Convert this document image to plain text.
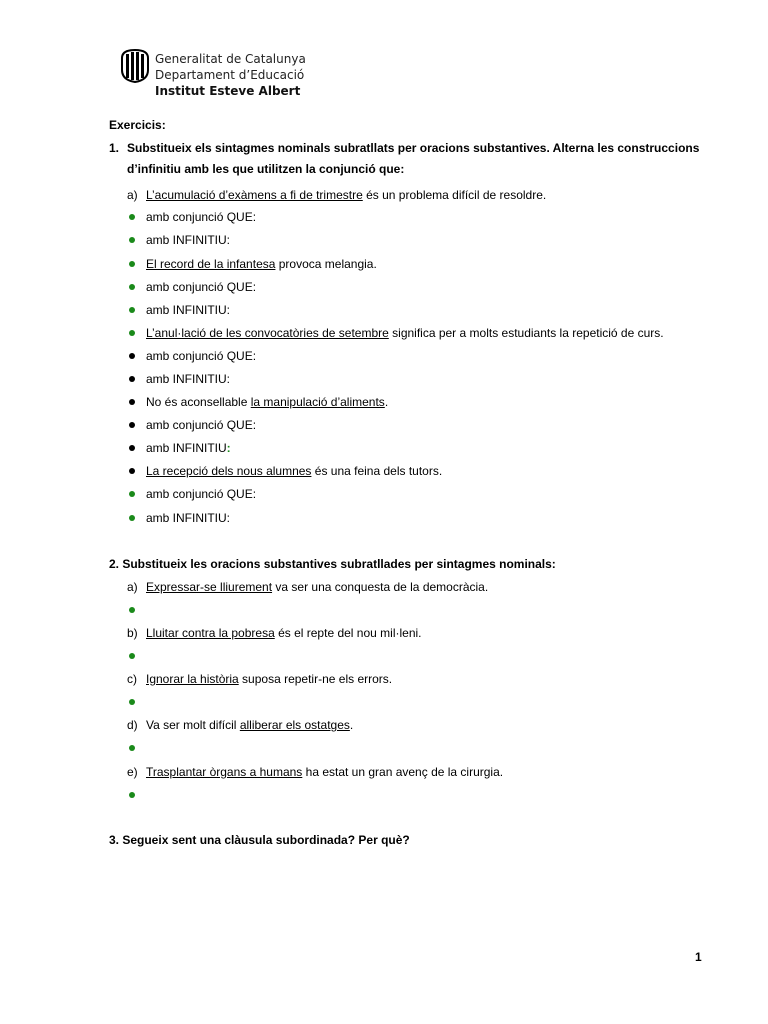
Generalitat de Catalunya
Departament d’Educació
Institut Esteve Albert
Exercicis:
1. Substitueix els sintagmes nominals subratllats per oracions substantives. Alterna les construccions
d’infinitiu amb les que utilitzen la conjunció que:
a) L’acumulació d’exàmens a fi de trimestre és un problema difícil de resoldre.
amb conjunció QUE:
amb INFINITIU:
El record de la infantesa provoca melangia.
amb conjunció QUE:
amb INFINITIU:
L’anul·lació de les convocatòries de setembre significa per a molts estudiants la repetició de curs.
amb conjunció QUE:
amb INFINITIU:
No és aconsellable la manipulació d’aliments.
amb conjunció QUE:
amb INFINITIU:
La recepció dels nous alumnes és una feina dels tutors.
amb conjunció QUE:
amb INFINITIU:
2. Substitueix les oracions substantives subratllades per sintagmes nominals:
a) Expressar-se lliurement va ser una conquesta de la democràcia.
b) Lluitar contra la pobresa és el repte del nou mil·leni.
c) Ignorar la història suposa repetir-ne els errors.
d) Va ser molt difícil alliberar els ostatges.
e) Trasplantar òrgans a humans ha estat un gran avenç de la cirurgia.
3. Segueix sent una clàusula subordinada? Per què?
1
